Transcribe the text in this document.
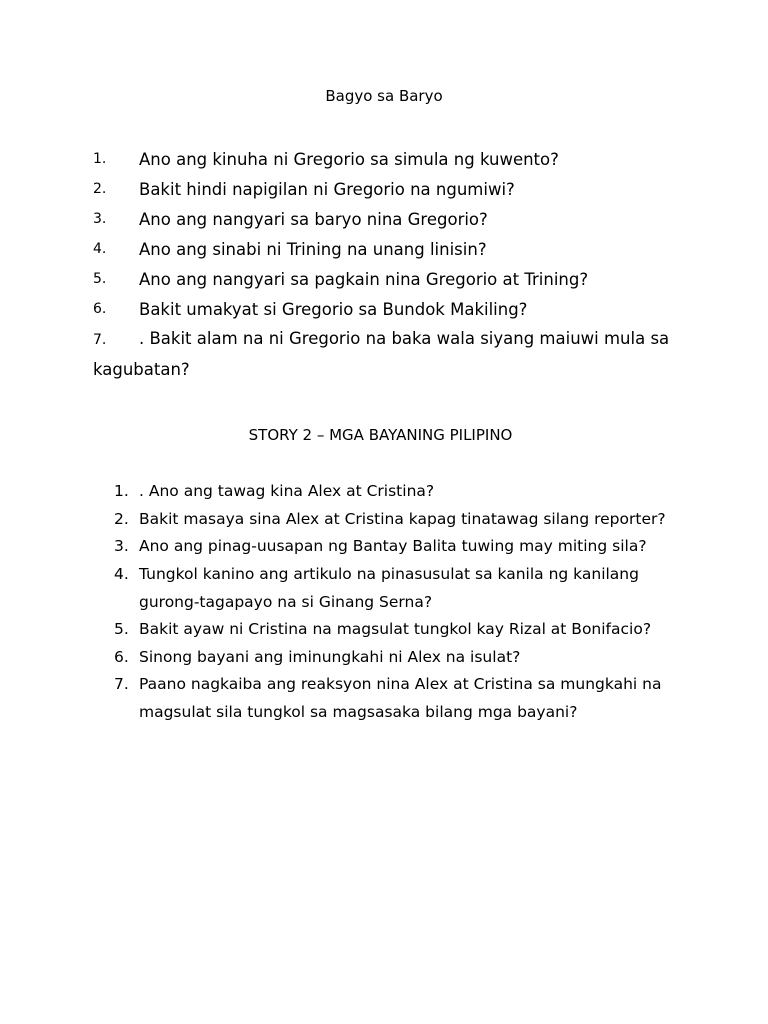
Bagyo sa Baryo
1.	Ano ang kinuha ni Gregorio sa simula ng kuwento?
2.	Bakit hindi napigilan ni Gregorio na ngumiwi?
3.	Ano ang nangyari sa baryo nina Gregorio?
4.	Ano ang sinabi ni Trining na unang linisin?
5.	Ano ang nangyari sa pagkain nina Gregorio at Trining?
6.	Bakit umakyat si Gregorio sa Bundok Makiling?
7. . Bakit alam na ni Gregorio na baka wala siyang maiuwi mula sa kagubatan?
STORY 2 – MGA BAYANING PILIPINO
1. . Ano ang tawag kina Alex at Cristina?
2. Bakit masaya sina Alex at Cristina kapag tinatawag silang reporter?
3. Ano ang pinag-uusapan ng Bantay Balita tuwing may miting sila?
4. Tungkol kanino ang artikulo na pinasusulat sa kanila ng kanilang gurong-tagapayo na si Ginang Serna?
5. Bakit ayaw ni Cristina na magsulat tungkol kay Rizal at Bonifacio?
6. Sinong bayani ang iminungkahi ni Alex na isulat?
7. Paano nagkaiba ang reaksyon nina Alex at Cristina sa mungkahi na magsulat sila tungkol sa magsasaka bilang mga bayani?
